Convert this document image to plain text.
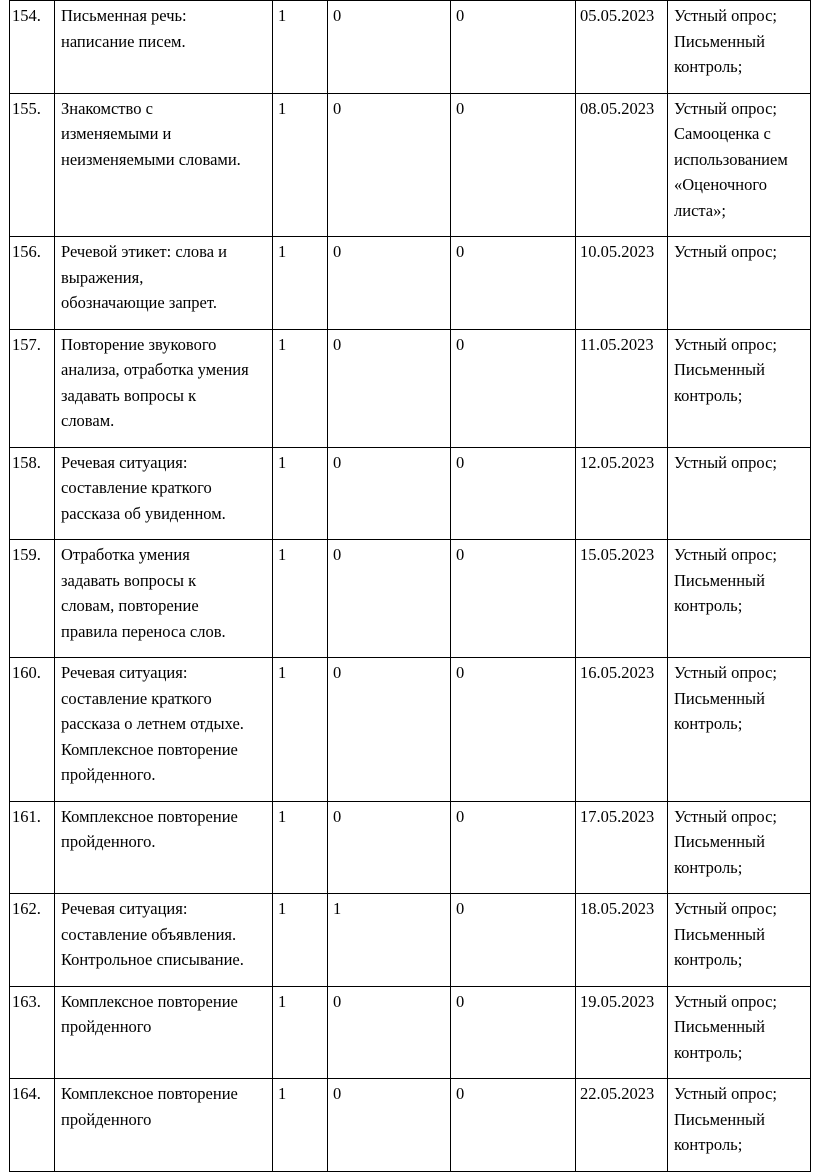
154.	Письменная речь:
написание писем.	1	0	0	05.05.2023	Устный опрос;
Письменный
контроль;

155.	Знакомство с
изменяемыми и
неизменяемыми словами.	1	0	0	08.05.2023	Устный опрос;
Самооценка с
использованием
«Оценочного
листа»;

156.	Речевой этикет: слова и
выражения,
обозначающие запрет.	1	0	0	10.05.2023	Устный опрос;

157.	Повторение звукового
анализа, отработка умения
задавать вопросы к
словам.	1	0	0	11.05.2023	Устный опрос;
Письменный
контроль;

158.	Речевая ситуация:
составление краткого
рассказа об увиденном.	1	0	0	12.05.2023	Устный опрос;

159.	Отработка умения
задавать вопросы к
словам, повторение
правила переноса слов.	1	0	0	15.05.2023	Устный опрос;
Письменный
контроль;

160.	Речевая ситуация:
составление краткого
рассказа о летнем отдыхе.
Комплексное повторение
пройденного.	1	0	0	16.05.2023	Устный опрос;
Письменный
контроль;

161.	Комплексное повторение
пройденного.	1	0	0	17.05.2023	Устный опрос;
Письменный
контроль;

162.	Речевая ситуация:
составление объявления.
Контрольное списывание.	1	1	0	18.05.2023	Устный опрос;
Письменный
контроль;

163.	Комплексное повторение
пройденного	1	0	0	19.05.2023	Устный опрос;
Письменный
контроль;

164.	Комплексное повторение
пройденного	1	0	0	22.05.2023	Устный опрос;
Письменный
контроль;
